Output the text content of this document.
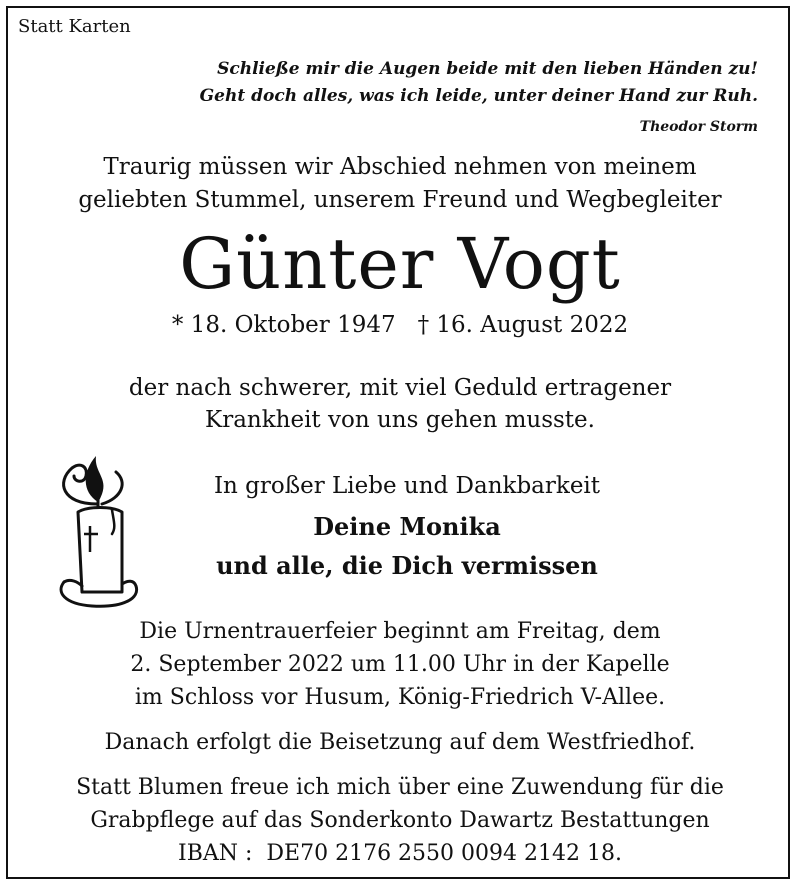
Statt Karten
Schließe mir die Augen beide mit den lieben Händen zu!
Geht doch alles, was ich leide, unter deiner Hand zur Ruh.
Theodor Storm
Traurig müssen wir Abschied nehmen von meinem
geliebten Stummel, unserem Freund und Wegbegleiter
Günter Vogt
* 18. Oktober 1947   † 16. August 2022
der nach schwerer, mit viel Geduld ertragener
Krankheit von uns gehen musste.
In großer Liebe und Dankbarkeit
Deine Monika
und alle, die Dich vermissen
Die Urnentrauerfeier beginnt am Freitag, dem
2. September 2022 um 11.00 Uhr in der Kapelle
im Schloss vor Husum, König-Friedrich V-Allee.
Danach erfolgt die Beisetzung auf dem Westfriedhof.
Statt Blumen freue ich mich über eine Zuwendung für die
Grabpflege auf das Sonderkonto Dawartz Bestattungen
IBAN :  DE70 2176 2550 0094 2142 18.
